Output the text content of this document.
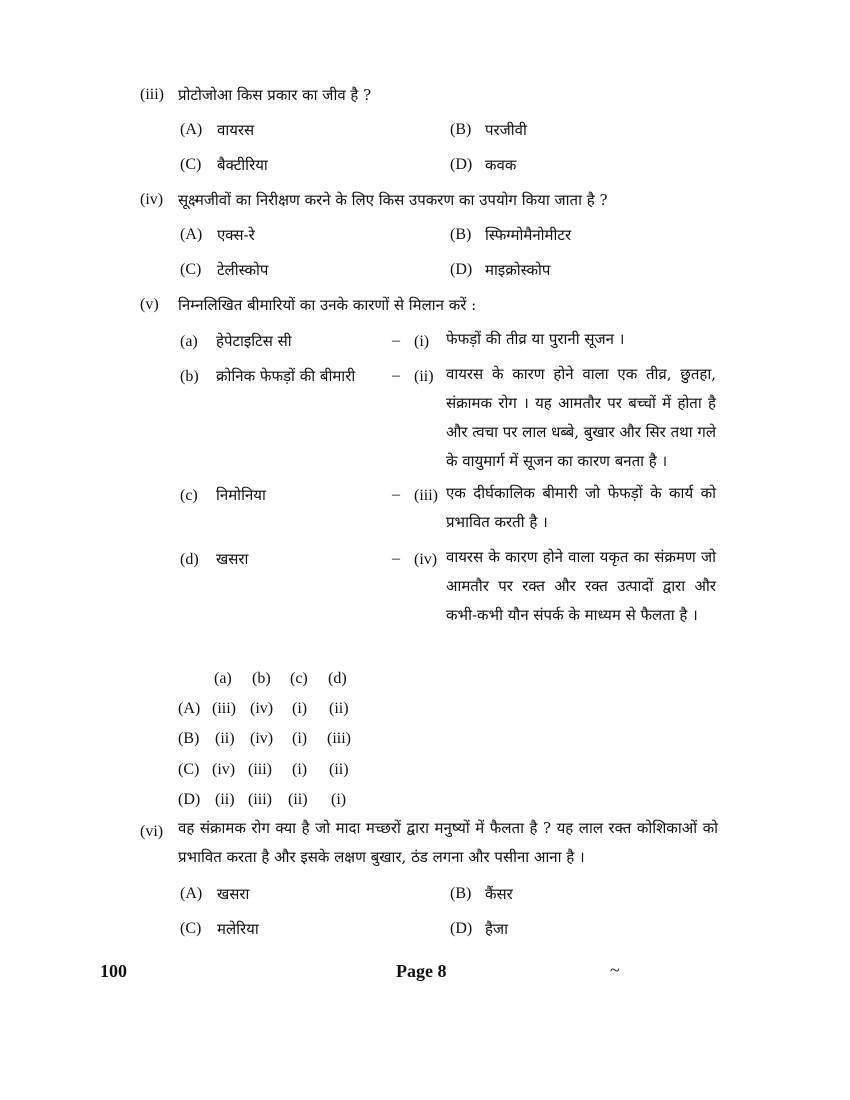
(iii) प्रोटोजोआ किस प्रकार का जीव है ?
(A) वायरस	(B) परजीवी
(C) बैक्टीरिया	(D) कवक
(iv) सूक्ष्मजीवों का निरीक्षण करने के लिए किस उपकरण का उपयोग किया जाता है ?
(A) एक्स-रे	(B) स्फिग्मोमैनोमीटर
(C) टेलीस्कोप	(D) माइक्रोस्कोप
(v) निम्नलिखित बीमारियों का उनके कारणों से मिलान करें :
(a) हेपेटाइटिस सी	– (i) फेफड़ों की तीव्र या पुरानी सूजन ।
(b) क्रोनिक फेफड़ों की बीमारी – (ii) वायरस के कारण होने वाला एक तीव्र, छुतहा, संक्रामक रोग । यह आमतौर पर बच्चों में होता है और त्वचा पर लाल धब्बे, बुखार और सिर तथा गले के वायुमार्ग में सूजन का कारण बनता है ।
(c) निमोनिया	– (iii) एक दीर्घकालिक बीमारी जो फेफड़ों के कार्य को प्रभावित करती है ।
(d) खसरा	– (iv) वायरस के कारण होने वाला यकृत का संक्रमण जो आमतौर पर रक्त और रक्त उत्पादों द्वारा और कभी-कभी यौन संपर्क के माध्यम से फैलता है ।
(a) (b) (c) (d)
(A) (iii) (iv) (i) (ii)
(B) (ii) (iv) (i) (iii)
(C) (iv) (iii) (i) (ii)
(D) (ii) (iii) (ii) (i)
(vi) वह संक्रामक रोग क्या है जो मादा मच्छरों द्वारा मनुष्यों में फैलता है ? यह लाल रक्त कोशिकाओं को प्रभावित करता है और इसके लक्षण बुखार, ठंड लगना और पसीना आना है ।
(A) खसरा	(B) कैंसर
(C) मलेरिया	(D) हैजा
100	Page 8	~
